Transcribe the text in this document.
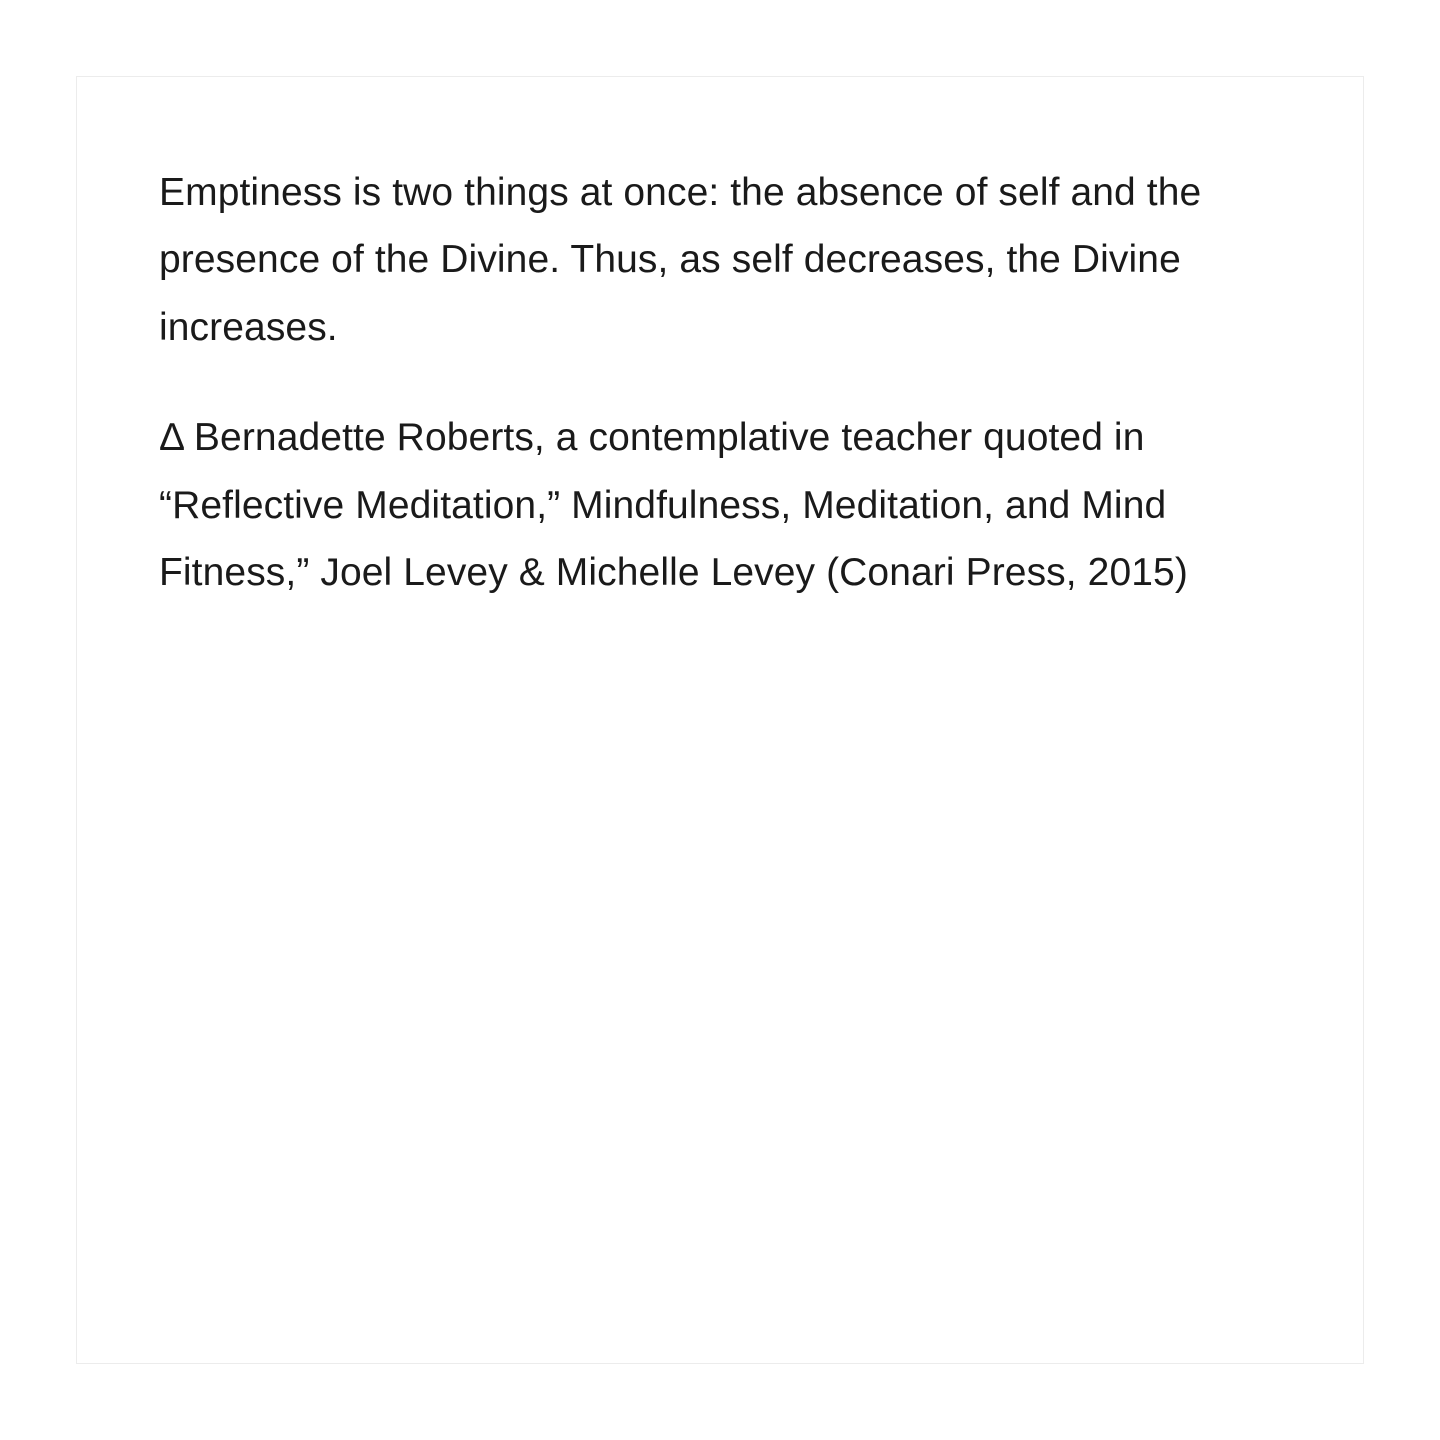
Emptiness is two things at once: the absence of self and the presence of the Divine. Thus, as self decreases, the Divine increases.

Δ Bernadette Roberts, a contemplative teacher quoted in “Reflective Meditation,” Mindfulness, Meditation, and Mind Fitness,” Joel Levey & Michelle Levey (Conari Press, 2015)
